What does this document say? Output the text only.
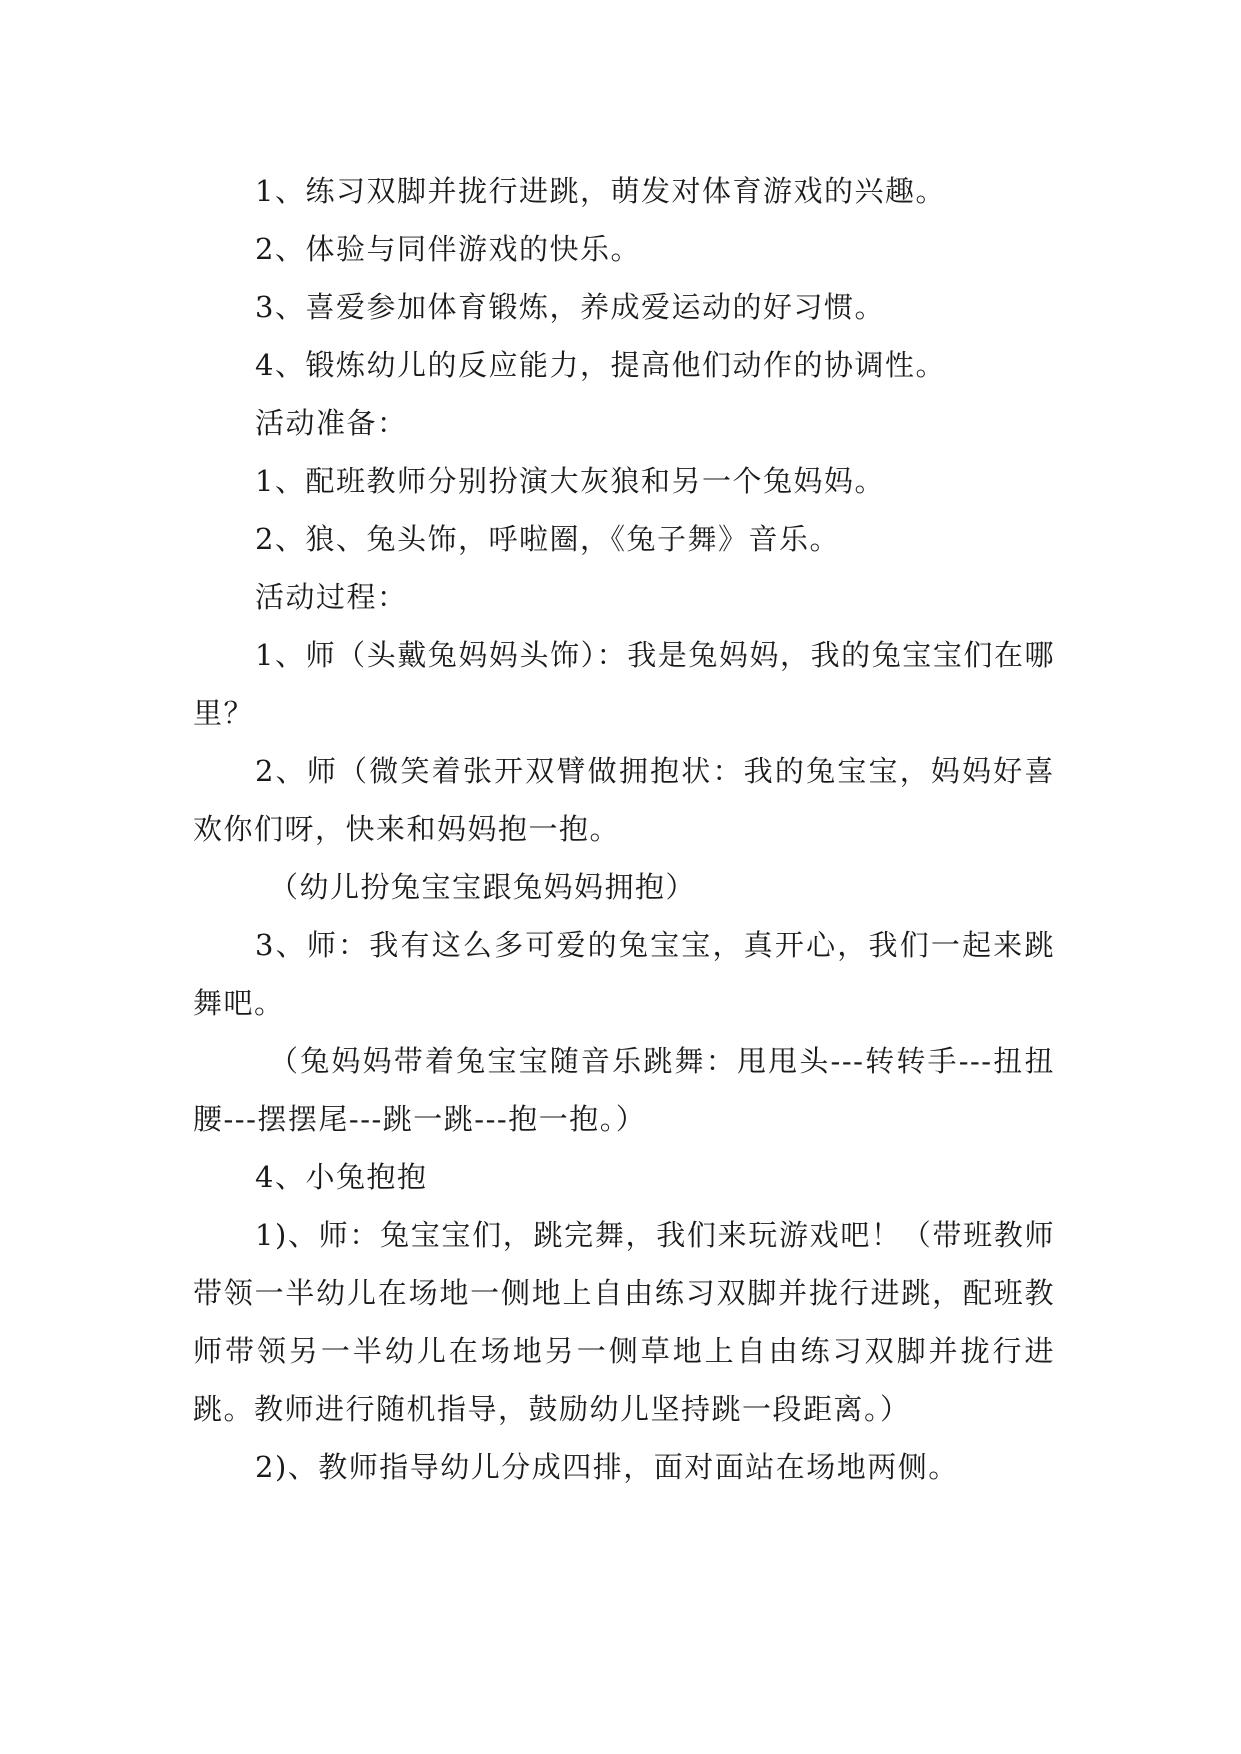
1、练习双脚并拢行进跳，萌发对体育游戏的兴趣。

2、体验与同伴游戏的快乐。

3、喜爱参加体育锻炼，养成爱运动的好习惯。

4、锻炼幼儿的反应能力，提高他们动作的协调性。

活动准备：

1、配班教师分别扮演大灰狼和另一个兔妈妈。

2、狼、兔头饰，呼啦圈，《兔子舞》音乐。

活动过程：

1、师（头戴兔妈妈头饰）：我是兔妈妈，我的兔宝宝们在哪里？

2、师（微笑着张开双臂做拥抱状：我的兔宝宝，妈妈好喜欢你们呀，快来和妈妈抱一抱。

（幼儿扮兔宝宝跟兔妈妈拥抱）

3、师：我有这么多可爱的兔宝宝，真开心，我们一起来跳舞吧。

（兔妈妈带着兔宝宝随音乐跳舞：甩甩头---转转手---扭扭腰---摆摆尾---跳一跳---抱一抱。）

4、小兔抱抱

1)、师：兔宝宝们，跳完舞，我们来玩游戏吧！（带班教师带领一半幼儿在场地一侧地上自由练习双脚并拢行进跳，配班教师带领另一半幼儿在场地另一侧草地上自由练习双脚并拢行进跳。教师进行随机指导，鼓励幼儿坚持跳一段距离。）

2)、教师指导幼儿分成四排，面对面站在场地两侧。
